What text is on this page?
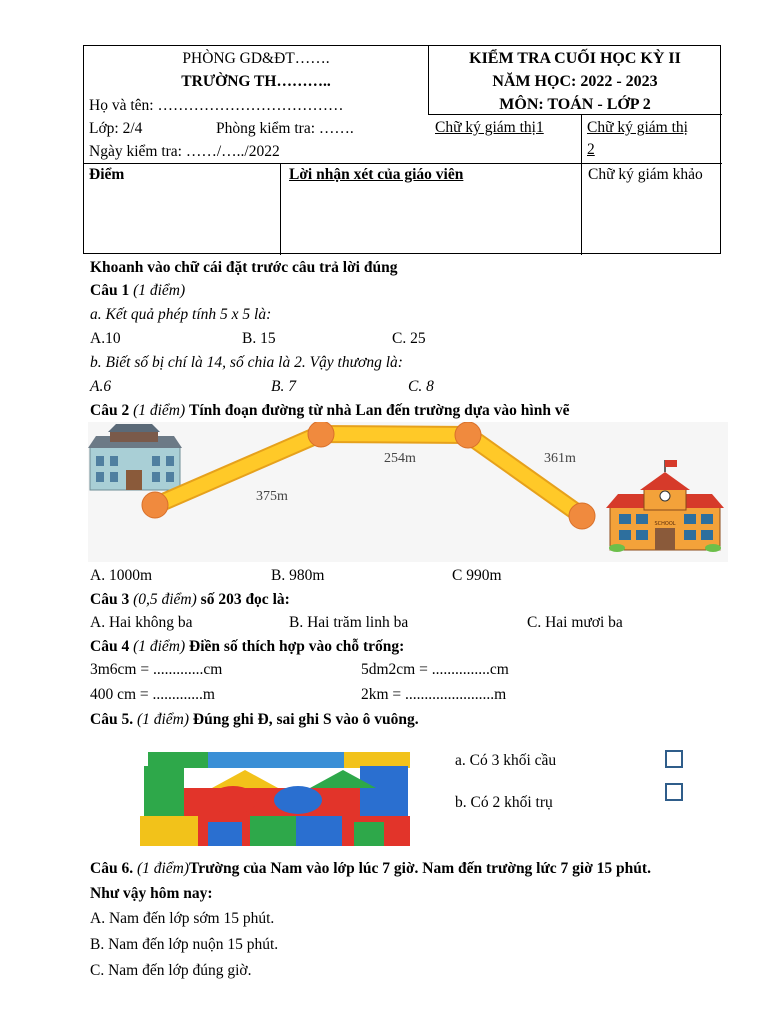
PHÒNG GD&ĐT…….
TRƯỜNG TH………..
Họ và tên: ………………………………
Lớp: 2/4	Phòng kiểm tra: …….
Ngày kiểm tra: ……/…../2022
KIỂM TRA CUỐI HỌC KỲ II
NĂM HỌC: 2022 - 2023
MÔN: TOÁN - LỚP 2
Chữ ký giám thị1	Chữ ký giám thị
2
Điểm	Lời nhận xét của giáo viên	Chữ ký giám khảo
Khoanh vào chữ cái đặt trước câu trả lời đúng
Câu 1 (1 điểm)
a. Kết quả phép tính 5 x 5 là:
A.10	B. 15	C. 25
b. Biết số bị chí là 14, số chia là 2. Vậy thương là:
A.6	B. 7	C. 8
Câu 2 (1 điểm) Tính đoạn đường từ nhà Lan đến trường dựa vào hình vẽ
375m
254m	361m
SCHOOL
A. 1000m	B. 980m	C 990m
Câu 3 (0,5 điểm) số 203 đọc là:
A. Hai không ba	B. Hai trăm linh ba	C. Hai mươi ba
Câu 4 (1 điểm) Điền số thích hợp vào chỗ trống:
3m6cm = .............cm	5dm2cm = ...............cm
400 cm = .............m	2km = .......................m
Câu 5. (1 điểm) Đúng ghi Đ, sai ghi S vào ô vuông.
a. Có 3 khối cầu
b. Có 2 khối trụ
Câu 6. (1 điểm)Trường của Nam vào lớp lúc 7 giờ. Nam đến trường lức 7 giờ 15 phút.
Như vậy hôm nay:
A. Nam đến lớp sớm 15 phút.
B. Nam đến lớp nuộn 15 phút.
C. Nam đến lớp đúng giờ.
